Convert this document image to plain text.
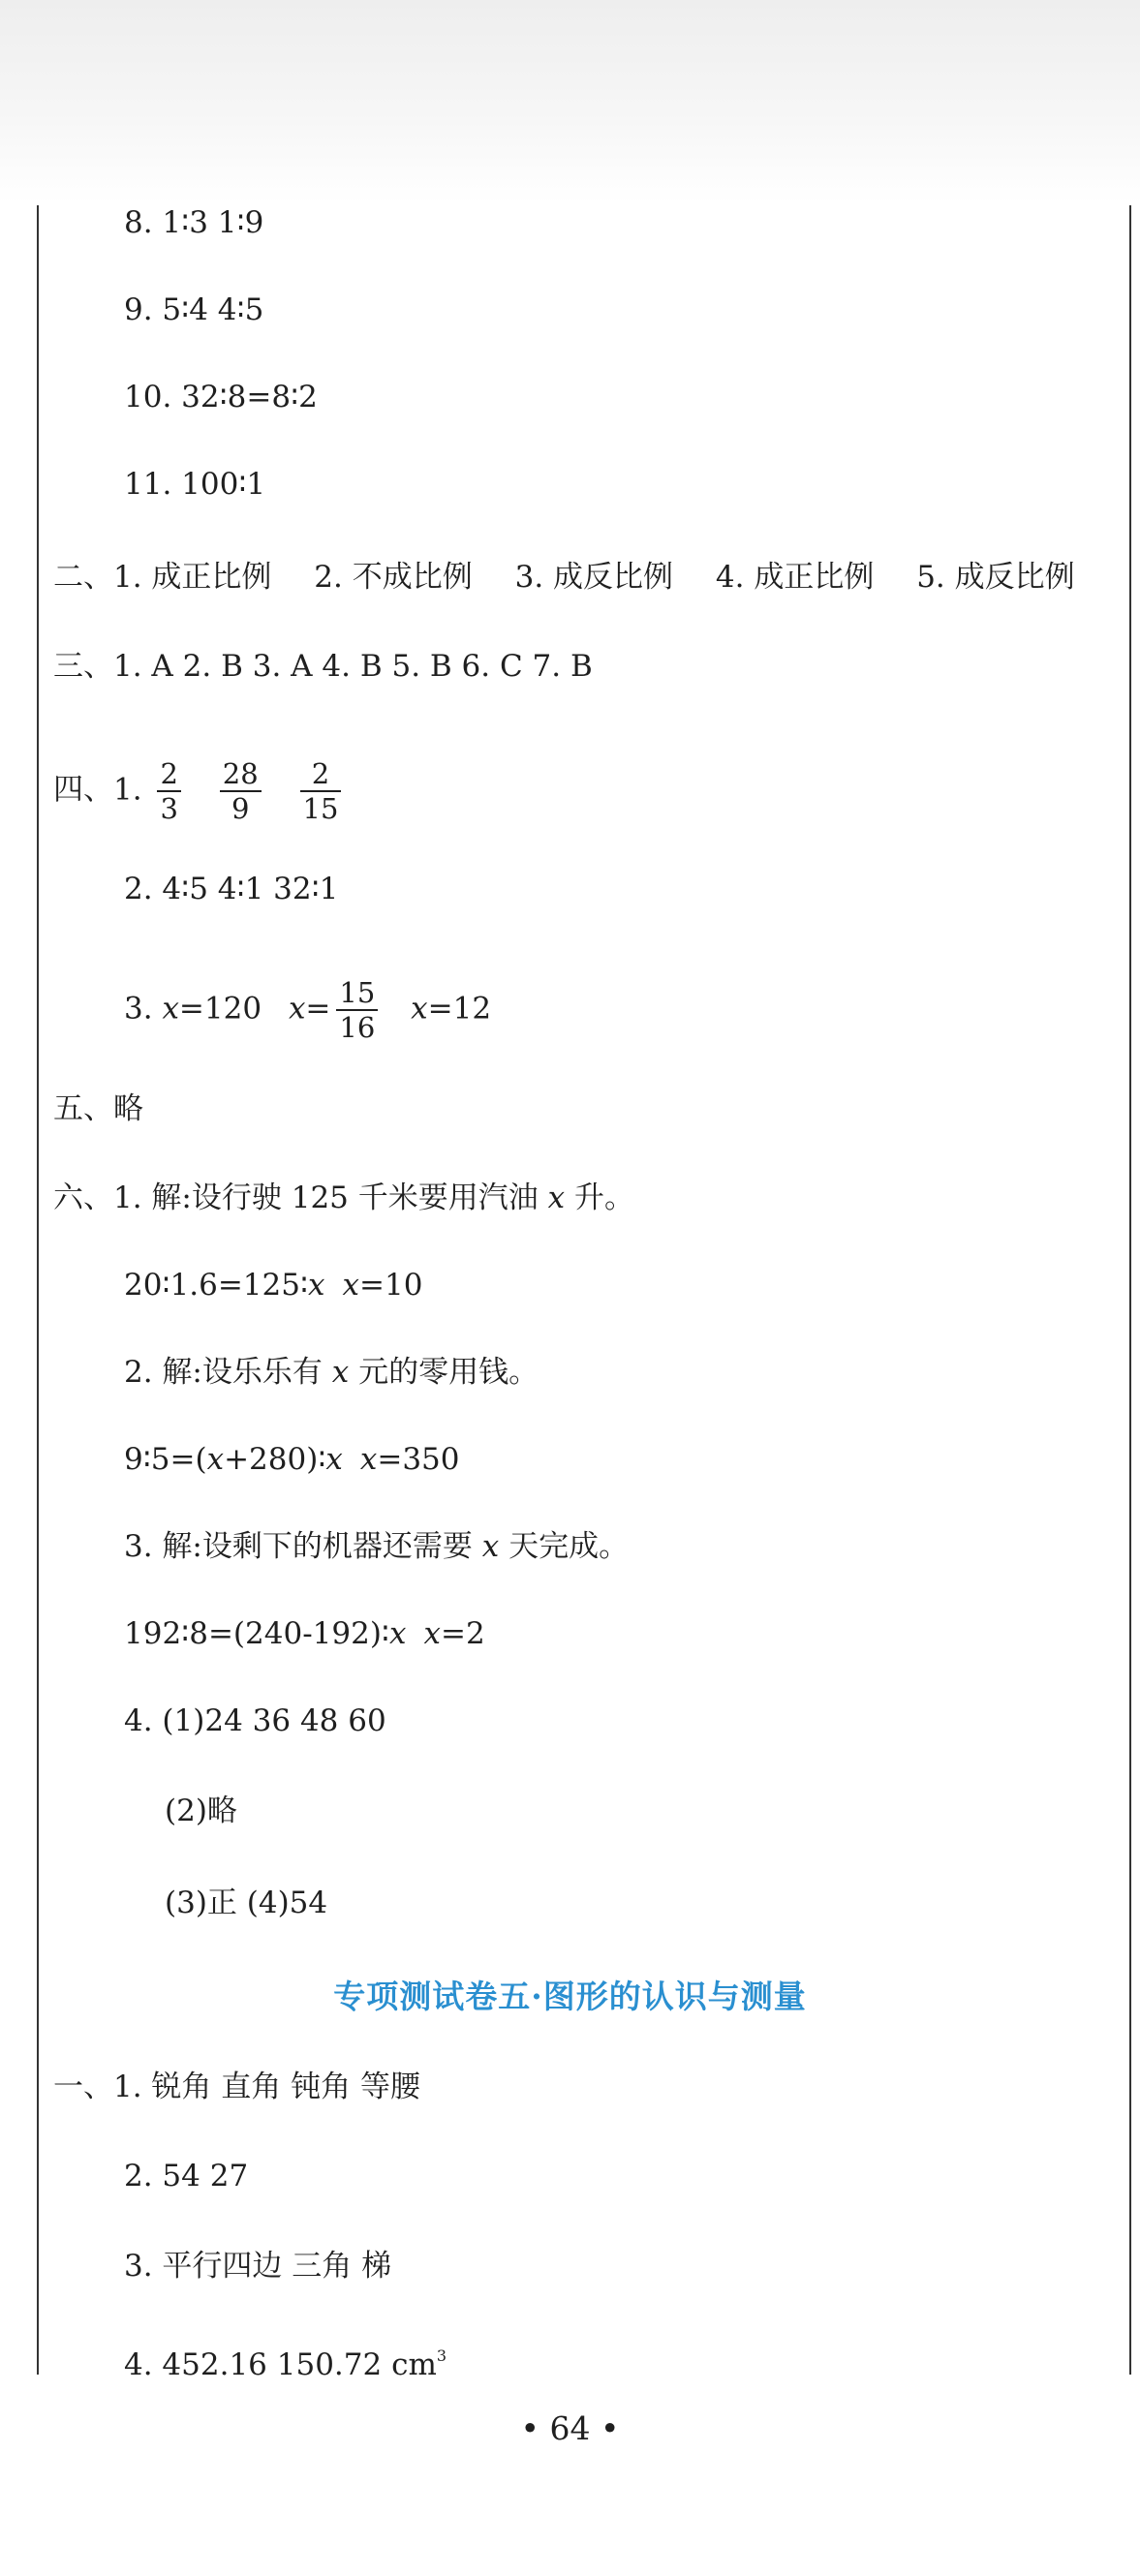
8. 1∶3 1∶9
9. 5∶4 4∶5
10. 32∶8=8∶2
11. 100∶1
二、1. 成正比例 2. 不成比例 3. 成反比例 4. 成正比例 5. 成反比例
三、1. A 2. B 3. A 4. B 5. B 6. C 7. B
四、1. $\frac{2}{3}$
$\frac{28}{9}$
$\frac{2}{15}$
2. 4∶5 4∶1 32∶1
3. x=120 $x= \frac{15}{16} x=12$
五、略
六、1. 解:设行驶 125 千米要用汽油 x 升。
20∶1.6=125∶x x=10
2. 解:设乐乐有 x 元的零用钱。
9∶5=(x+280)∶x x=350
3. 解:设剩下的机器还需要 x 天完成。
192∶8=(240-192)∶x x=2
4. (1)24 36 48 60
(2)略
(3)正 (4)54
专项测试卷五·图形的认识与测量
一、1. 锐角 直角 钝角 等腰
2. 54 27
3. 平行四边 三角 梯
4. 452.16 150.72 $cm^3$
• 64 •
